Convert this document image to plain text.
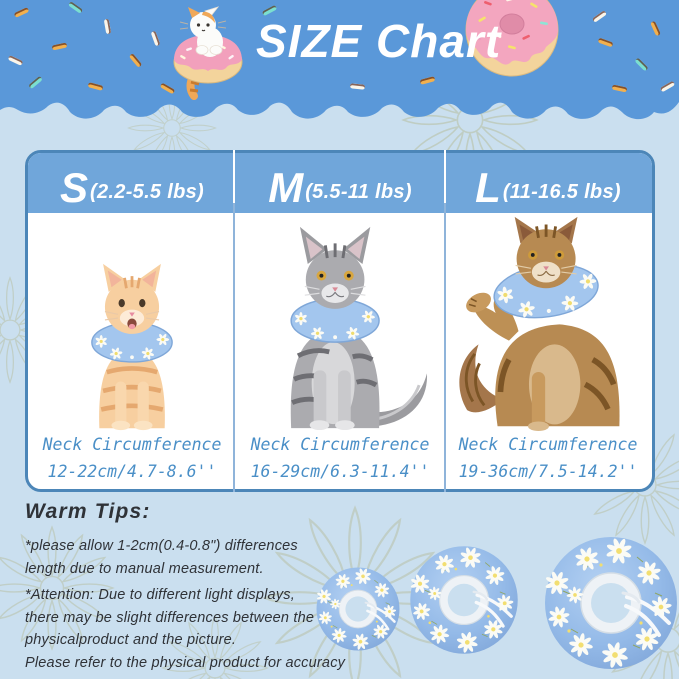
SIZE Chart
S (2.2-5.5 lbs)
Neck Circumference
12-22cm/4.7-8.6''
M (5.5-11 lbs)
Neck Circumference
16-29cm/6.3-11.4''
L (11-16.5 lbs)
Neck Circumference
19-36cm/7.5-14.2''
Warm Tips:
*please allow 1-2cm(0.4-0.8") differences
length due to manual measurement.
*Attention: Due to different light displays,
there may be slight differences between the
physicalproduct and the picture.
Please refer to the physical product for accuracy
